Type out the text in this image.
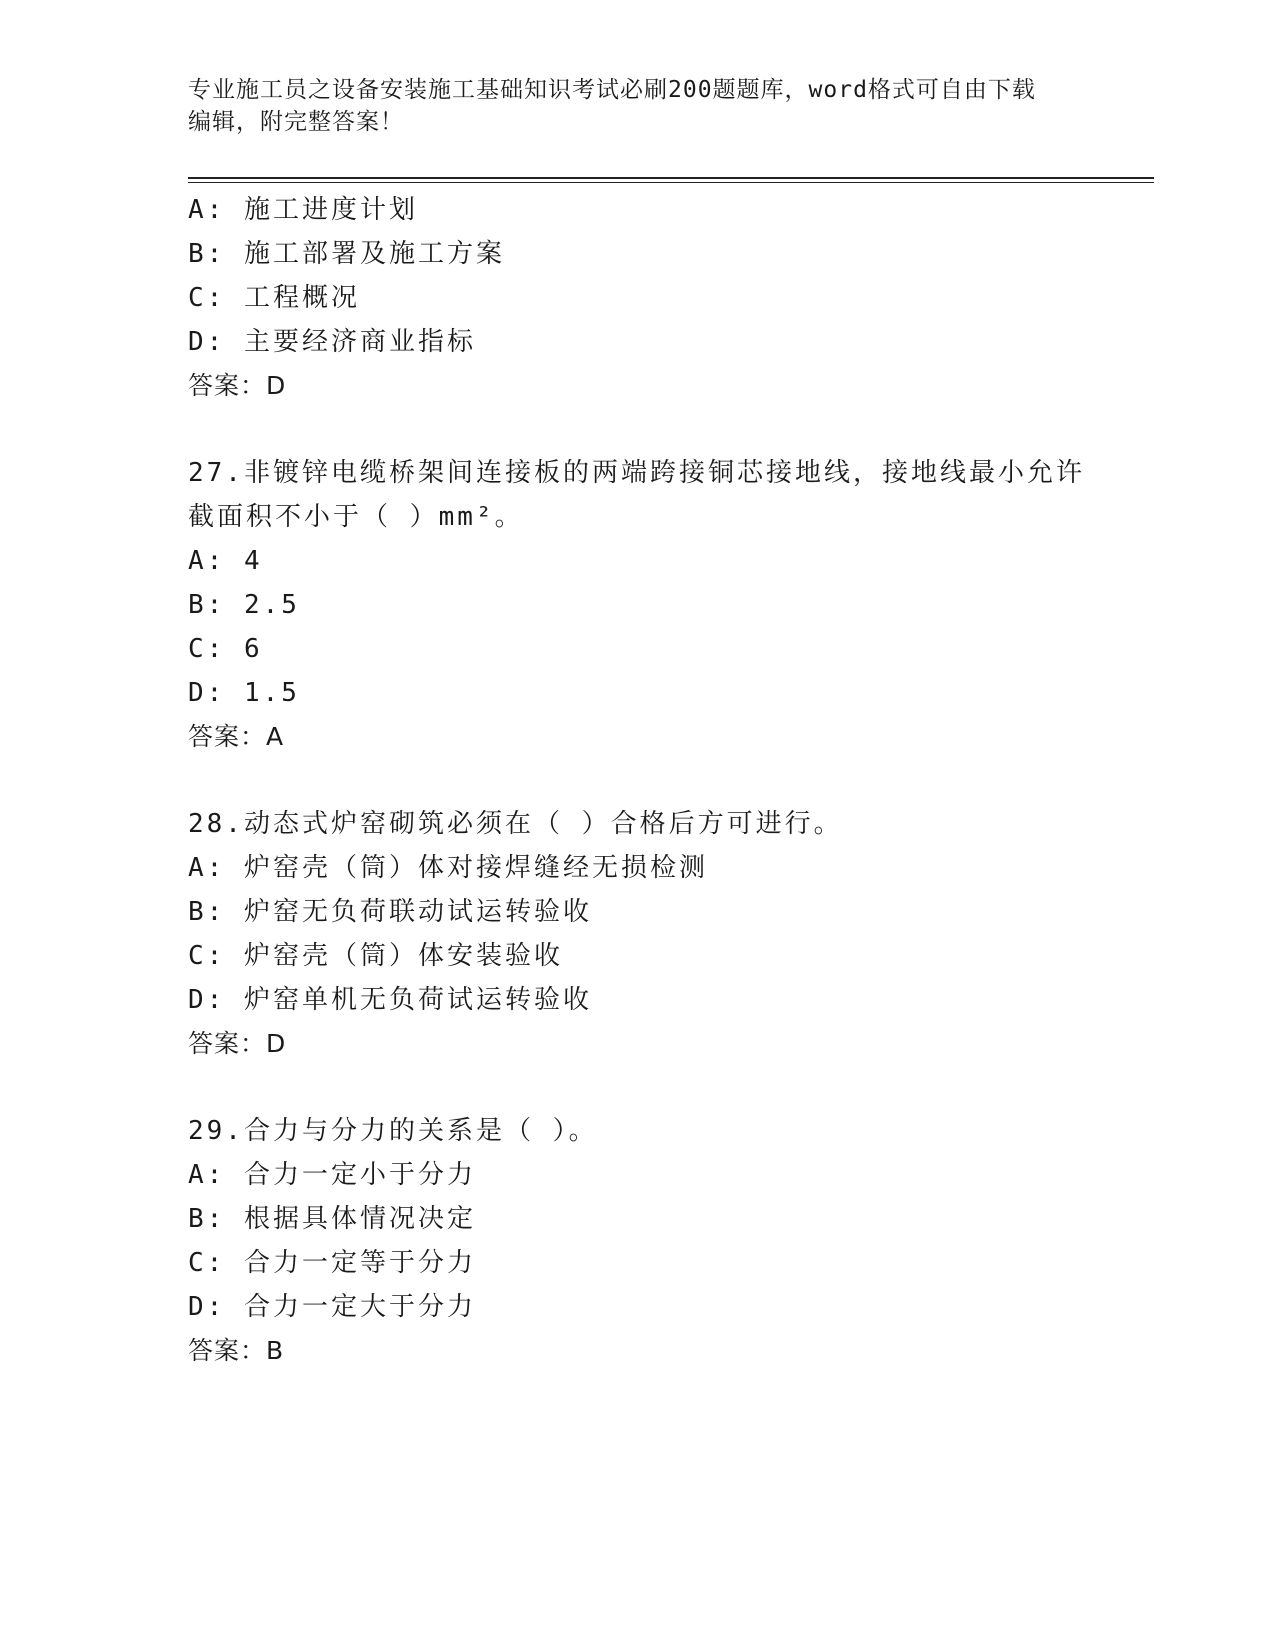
专业施工员之设备安装施工基础知识考试必刷200题题库，word格式可自由下载
编辑，附完整答案！
A: 施工进度计划
B: 施工部署及施工方案
C: 工程概况
D: 主要经济商业指标
答案：D
27.非镀锌电缆桥架间连接板的两端跨接铜芯接地线，接地线最小允许
截面积不小于（ ）mm²。
A: 4
B: 2.5
C: 6
D: 1.5
答案：A
28.动态式炉窑砌筑必须在（ ）合格后方可进行。
A: 炉窑壳（筒）体对接焊缝经无损检测
B: 炉窑无负荷联动试运转验收
C: 炉窑壳（筒）体安装验收
D: 炉窑单机无负荷试运转验收
答案：D
29.合力与分力的关系是（ ）。
A: 合力一定小于分力
B: 根据具体情况决定
C: 合力一定等于分力
D: 合力一定大于分力
答案：B
